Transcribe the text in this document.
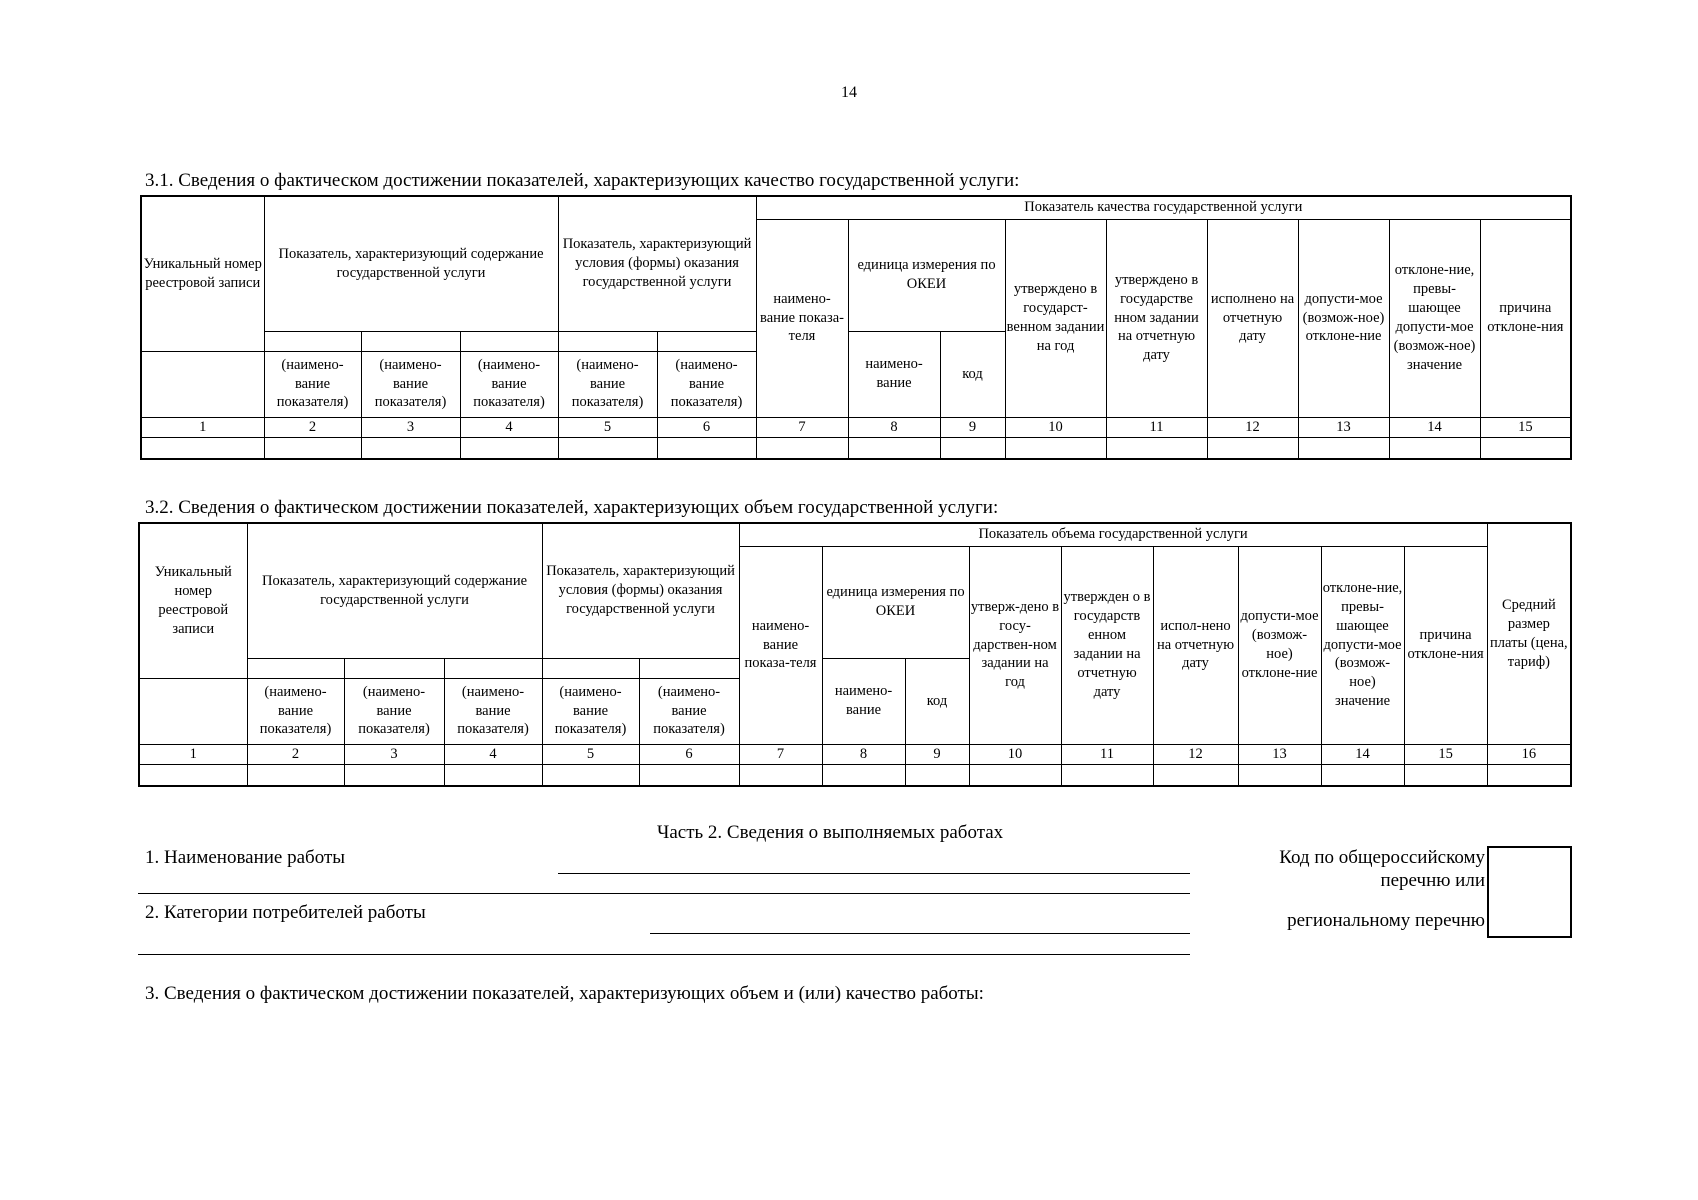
14
3.1. Сведения о фактическом достижении показателей, характеризующих качество государственной услуги:
Уникальный номер реестровой записи	Показатель, характеризующий содержание государственной услуги			Показатель, характеризующий условия (формы) оказания государственной услуги		Показатель качества государственной услуги								
						наимено-вание показа-теля	единица измерения по ОКЕИ		утверждено в государст-венном задании на год	утверждено в государстве нном задании на отчетную дату	исполнено на отчетную дату	допусти-мое (возмож-ное) отклоне-ние	отклоне-ние, превы-шающее допусти-мое (возмож-ное) значение	причина отклоне-ния
							наимено-вание	код						
	(наимено-вание показателя)	(наимено-вание показателя)	(наимено-вание показателя)	(наимено-вание показателя)	(наимено-вание показателя)									
1	2	3	4	5	6	7	8	9	10	11	12	13	14	15

3.2. Сведения о фактическом достижении показателей, характеризующих объем государственной услуги:
Уникальный номер реестровой записи	Показатель, характеризующий содержание государственной услуги			Показатель, характеризующий условия (формы) оказания государственной услуги		Показатель объема государственной услуги									Средний размер платы (цена, тариф)
						наимено-вание показа-теля	единица измерения по ОКЕИ		утверж-дено в госу-дарствен-ном задании на год	утвержден о в государств енном задании на отчетную дату	испол-нено на отчетную дату	допусти-мое (возмож-ное) отклоне-ние	отклоне-ние, превы-шающее допусти-мое (возмож-ное) значение	причина отклоне-ния	
							наимено-вание	код							
	(наимено-вание показателя)	(наимено-вание показателя)	(наимено-вание показателя)	(наимено-вание показателя)	(наимено-вание показателя)										
1	2	3	4	5	6	7	8	9	10	11	12	13	14	15	16

Часть 2. Сведения о выполняемых работах
1. Наименование работы
2. Категории потребителей работы
Код по общероссийскому
перечню или
региональному перечню
3. Сведения о фактическом достижении показателей, характеризующих объем и (или) качество работы:
